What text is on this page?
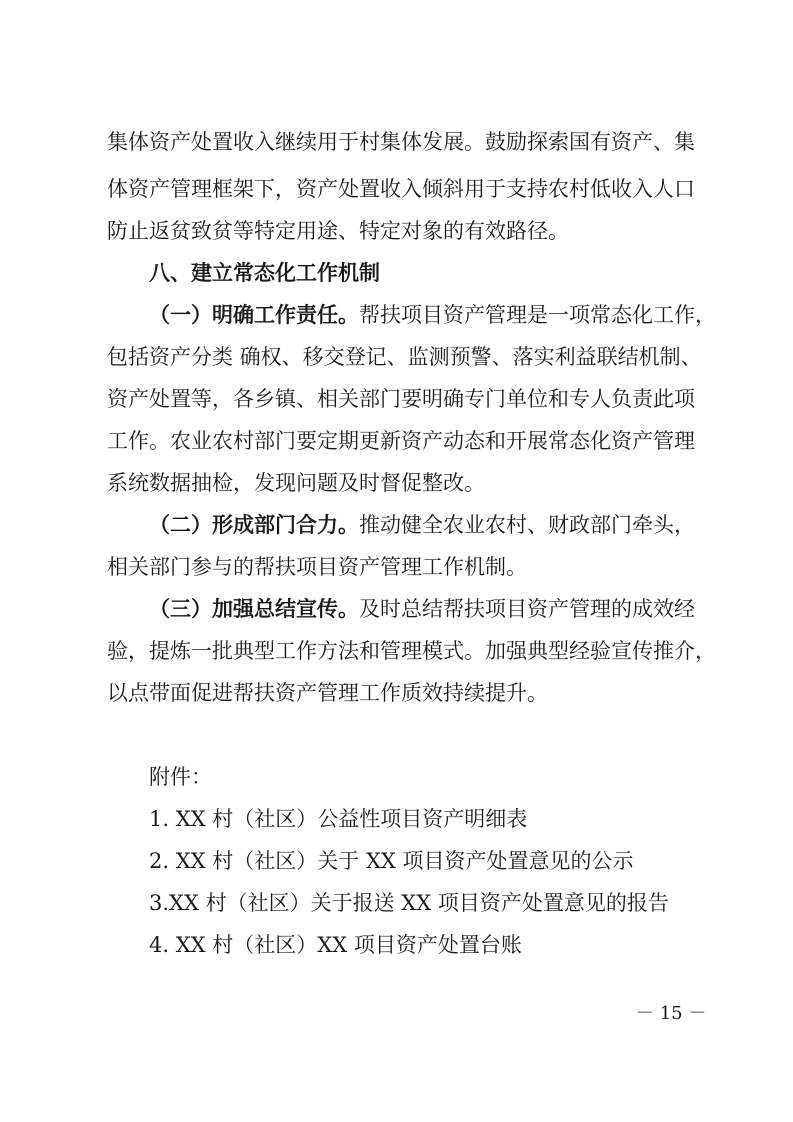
集体资产处置收入继续用于村集体发展。鼓励探索国有资产、集
体资产管理框架下，资产处置收入倾斜用于支持农村低收入人口
防止返贫致贫等特定用途、特定对象的有效路径。
八、建立常态化工作机制
（一）明确工作责任。帮扶项目资产管理是一项常态化工作，
包括资产分类 确权、移交登记、监测预警、落实利益联结机制、
资产处置等，各乡镇、相关部门要明确专门单位和专人负责此项
工作。农业农村部门要定期更新资产动态和开展常态化资产管理
系统数据抽检，发现问题及时督促整改。
（二）形成部门合力。推动健全农业农村、财政部门牵头，
相关部门参与的帮扶项目资产管理工作机制。
（三）加强总结宣传。及时总结帮扶项目资产管理的成效经
验，提炼一批典型工作方法和管理模式。加强典型经验宣传推介，
以点带面促进帮扶资产管理工作质效持续提升。
附件：
1. XX 村（社区）公益性项目资产明细表
2. XX 村（社区）关于 XX 项目资产处置意见的公示
3.XX 村（社区）关于报送 XX 项目资产处置意见的报告
4. XX 村（社区）XX 项目资产处置台账
－ 15 －
